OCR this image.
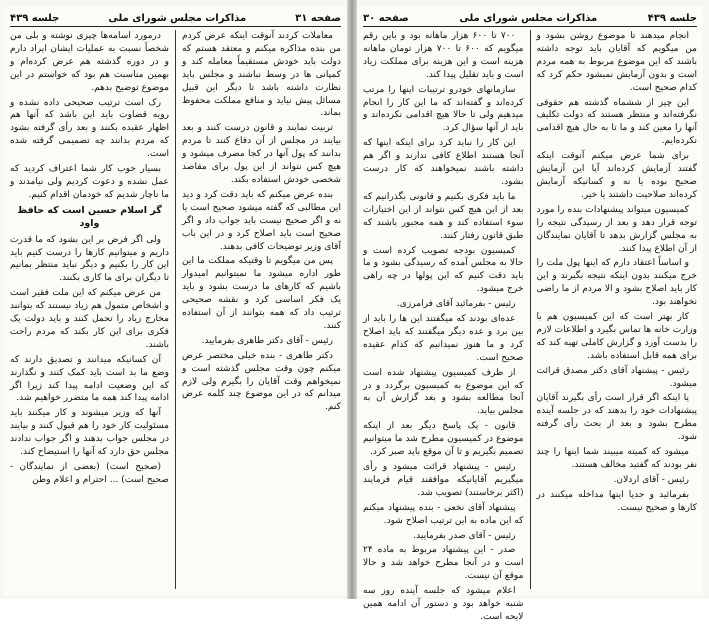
جلسه ۴۳۹	مذاکرات مجلس شورای ملی	صفحه ۳۱

معاملات کردند آنوقت اینکه عرض کردم من بنده مذاکره میکنم و معتقد هستم که دولت باید خودش مستقیماً معامله کند و کمپانی ها در وسط نباشند و مجلس باید نظارت داشته باشد تا دیگر این قبیل مسائل پیش نیاید و منافع مملکت محفوظ بماند.

تربیت نمایند و قانون درست کنند و بعد بیایند در مجلس از آن دفاع کنند تا مردم بدانند که پول آنها در کجا مصرف میشود و هیچ کس نتواند از این پول برای مقاصد شخصی خودش استفاده بکند.

بنده عرض میکنم که باید دقت کرد و دید این مطالبی که گفته میشود صحیح است یا نه و اگر صحیح نیست باید جواب داد و اگر صحیح است باید اصلاح کرد و در این باب آقای وزیر توضیحات کافی بدهند.

پس من میگویم تا وقتیکه مملکت ما این طور اداره میشود ما نمیتوانیم امیدوار باشیم که کارهای ما درست بشود و باید یک فکر اساسی کرد و نقشه صحیحی ترتیب داد که همه بتوانند از آن استفاده کنند.

رئیس - آقای دکتر طاهری بفرمایید.

دکتر طاهری - بنده خیلی مختصر عرض میکنم چون وقت مجلس گذشته است و نمیخواهم وقت آقایان را بگیرم ولی لازم میدانم که در این موضوع چند کلمه عرض کنم.

درمورد اسامه‌ها چیزی نوشته و بلی من شخصاً نسبت به عملیات ایشان ایراد دارم و در دوره گذشته هم عرض کرده‌ام و بهمین مناسبت هم بود که خواستم در این موضوع توضیح بدهم.

رک است ترتیب صحیحی داده نشده و رویه قضاوت باید این باشد که آنها هم اظهار عقیده بکنند و بعد رأی گرفته بشود که مردم بدانند چه تصمیمی گرفته شده است.

بسیار خوب کار شما اعتراف کردید که عمل نشده و دعوت کردیم ولی نیامدند و ما ناچار شدیم که خودمان اقدام کنیم.

گر اسلام حسین است که حافظ واود

ولی اگر فرض بر این بشود که ما قدرت داریم و میتوانیم کارها را درست کنیم باید این کار را بکنیم و دیگر نباید منتظر بمانیم تا دیگران برای ما کاری بکنند.

من عرض میکنم که این ملت فقیر است و اشخاص متمول هم زیاد نیستند که بتوانند مخارج زیاد را تحمل کنند و باید دولت یک فکری برای این کار بکند که مردم راحت باشند.

آن کسانیکه میدانند و تصدیق دارند که وضع ما بد است باید کمک کنند و نگذارند که این وضعیت ادامه پیدا کند زیرا اگر ادامه پیدا کند همه ما متضرر خواهیم شد.

آنها که وزیر میشوند و کار میکنند باید مسئولیت کار خود را هم قبول کنند و بیایند در مجلس جواب بدهند و اگر جواب ندادند مجلس حق دارد که آنها را استیضاح کند.

(صحیح است) (بعضی از نمایندگان - صحیح است) ... احترام و اعلام وطن

صفحه ۳۰	مذاکرات مجلس شورای ملی	جلسه ۴۳۹

انجام میدهند تا موضوع روشن بشود و من میگویم که آقایان باید توجه داشته باشند که این موضوع مربوط به همه مردم است و بدون آزمایش نمیشود حکم کرد که کدام صحیح است.

این چیز از ششماه گذشته هم حقوقی نگرفته‌اند و منتظر هستند که دولت تکلیف آنها را معین کند و ما تا به حال هیچ اقدامی نکرده‌ایم.

برای شما عرض میکنم آنوقت اینکه گفتند آزمایش کرده‌اند آیا این آزمایش صحیح بوده یا نه و کسانیکه آزمایش کرده‌اند صلاحیت داشتند یا خیر.

کمیسیون میتواند پیشنهادات بنده را مورد توجه قرار دهد و بعد از رسیدگی نتیجه را به مجلس گزارش بدهد تا آقایان نمایندگان از آن اطلاع پیدا کنند.

و اساساً اعتقاد دارم که اینها پول ملت را خرج میکنند بدون اینکه نتیجه بگیرند و این کار باید اصلاح بشود و الا مردم از ما راضی نخواهند بود.

کار بهتر است که این کمیسیون هم با وزارت خانه ها تماس بگیرد و اطلاعات لازم را بدست آورد و گزارش کاملی تهیه کند که برای همه قابل استفاده باشد.

رئیس - پیشنهاد آقای دکتر مصدق قرائت میشود.

یا اینکه اگر قرار است رأی بگیرند آقایان پیشنهادات خود را بدهند که در جلسه آینده مطرح بشود و بعد از بحث رأی گرفته شود.

میشود که کمیته میبیند شما اینها را چند نفر بودند که گفتید مخالف هستند.

رئیس - آقای اردلان.

بفرمائید و جدیا اینها مداخله میکنند در کارها و صحیح نیست.

۷۰۰ تا ۶۰۰ هزار ماهانه بود و باین رقم میگویم که ۶۰۰ تا ۷۰۰ هزار تومان ماهانه هزینه است و این هزینه برای مملکت زیاد است و باید تقلیل پیدا کند.

سازمانهای خودرو ترتیبات اینها را مرتب کرده‌اند و گفته‌اند که ما این کار را انجام میدهیم ولی تا حالا هیچ اقدامی نکرده‌اند و باید از آنها سؤال کرد.

این کار را نباید کرد برای اینکه اینها که آنجا هستند اطلاع کافی ندارند و اگر هم داشته باشند نمیخواهند که کار درست بشود.

ما باید فکری بکنیم و قانونی بگذرانیم که بعد از این هیچ کس نتواند از این اختیارات سوء استفاده کند و همه مجبور باشند که طبق قانون رفتار کنند.

کمیسیون بودجه تصویب کرده است و حالا به مجلس آمده که رسیدگی بشود و ما باید دقت کنیم که این پولها در چه راهی خرج میشود.

رئیس - بفرمائید آقای فرامرزی.

عده‌ای بودند که میگفتند این ها را باید از بین برد و عده دیگر میگفتند که باید اصلاح کرد و ما هنوز نمیدانیم که کدام عقیده صحیح است.

از طرف کمیسیون پیشنهاد شده است که این موضوع به کمیسیون برگردد و در آنجا مطالعه بشود و بعد گزارش آن به مجلس بیاید.

قانون - یک پاسخ دیگر بعد از اینکه موضوع در کمیسیون مطرح شد ما میتوانیم تصمیم بگیریم و تا آن موقع باید صبر کرد.

رئیس - پیشنهاد قرائت میشود و رأی میگیریم آقایانیکه موافقند قیام فرمایند (اکثر برخاستند) تصویب شد.

پیشنهاد آقای نخعی - بنده پیشنهاد میکنم که این ماده به این ترتیب اصلاح شود.

رئیس - آقای صدر بفرمایید.

صدر - این پیشنهاد مربوط به ماده ۲۴ است و در آنجا مطرح خواهد شد و حالا موقع آن نیست.

اعلام میشود که جلسه آینده روز سه شنبه خواهد بود و دستور آن ادامه همین لایحه است.
